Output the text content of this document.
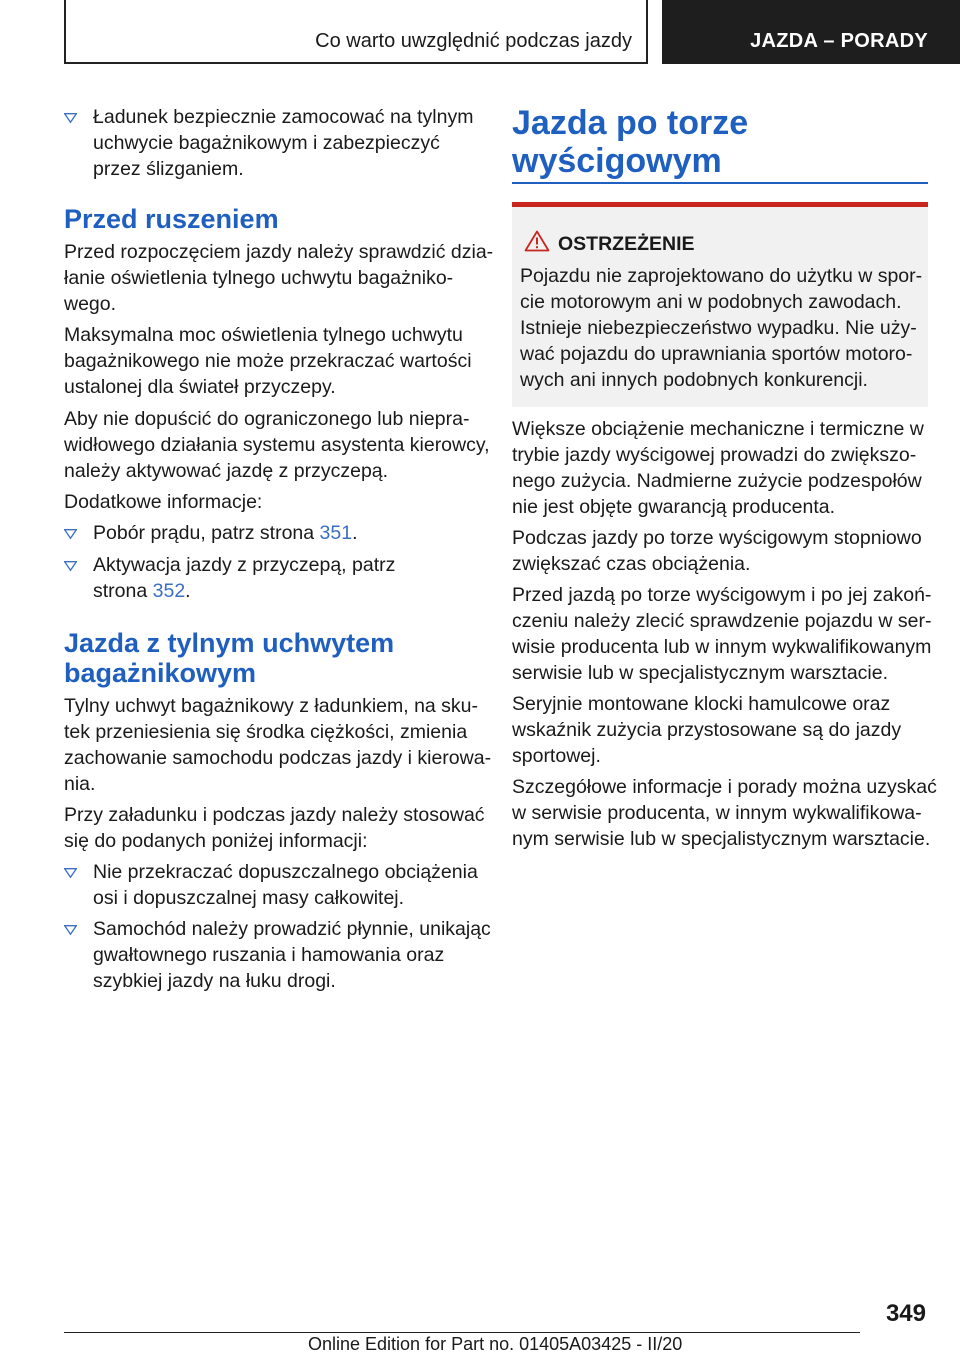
Co warto uwzględnić podczas jazdy	JAZDA – PORADY
Ładunek bezpiecznie zamocować na tylnym
uchwycie bagażnikowym i zabezpieczyć
przez ślizganiem.
Przed ruszeniem

Przed rozpoczęciem jazdy należy sprawdzić dzia‐

łanie oświetlenia tylnego uchwytu bagażniko‐

wego.

Maksymalna moc oświetlenia tylnego uchwytu

bagażnikowego nie może przekraczać wartości

ustalonej dla świateł przyczepy.

Aby nie dopuścić do ograniczonego lub niepra‐

widłowego działania systemu asystenta kierowcy,

należy aktywować jazdę z przyczepą.

Dodatkowe informacje:

Pobór prądu, patrz strona 351.
Aktywacja jazdy z przyczepą, patrz
strona 352.
Jazda z tylnym uchwytem
bagażnikowym

Tylny uchwyt bagażnikowy z ładunkiem, na sku‐

tek przeniesienia się środka ciężkości, zmienia

zachowanie samochodu podczas jazdy i kierowa‐

nia.

Przy załadunku i podczas jazdy należy stosować

się do podanych poniżej informacji:

Nie przekraczać dopuszczalnego obciążenia
osi i dopuszczalnej masy całkowitej.
Samochód należy prowadzić płynnie, unikając
gwałtownego ruszania i hamowania oraz
szybkiej jazdy na łuku drogi.
Jazda po torze
wyścigowym
OSTRZEŻENIE

Pojazdu nie zaprojektowano do użytku w spor‐

cie motorowym ani w podobnych zawodach.

Istnieje niebezpieczeństwo wypadku. Nie uży‐

wać pojazdu do uprawniania sportów motoro‐

wych ani innych podobnych konkurencji.

Większe obciążenie mechaniczne i termiczne w

trybie jazdy wyścigowej prowadzi do zwiększo‐

nego zużycia. Nadmierne zużycie podzespołów

nie jest objęte gwarancją producenta.

Podczas jazdy po torze wyścigowym stopniowo

zwiększać czas obciążenia.

Przed jazdą po torze wyścigowym i po jej zakoń‐

czeniu należy zlecić sprawdzenie pojazdu w ser‐

wisie producenta lub w innym wykwalifikowanym

serwisie lub w specjalistycznym warsztacie.

Seryjnie montowane klocki hamulcowe oraz

wskaźnik zużycia przystosowane są do jazdy

sportowej.

Szczegółowe informacje i porady można uzyskać

w serwisie producenta, w innym wykwalifikowa‐

nym serwisie lub w specjalistycznym warsztacie.

349
Online Edition for Part no. 01405A03425 - II/20
